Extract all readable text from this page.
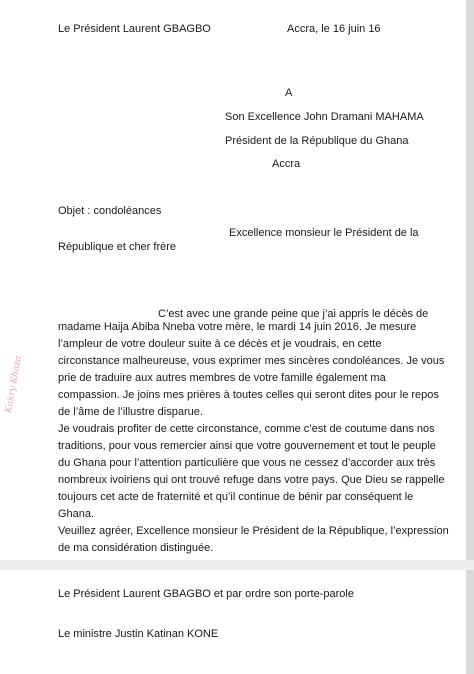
Le Président Laurent GBAGBO	Accra, le 16 juin 16
A
Son Excellence John Dramani MAHAMA
Président de la République du Ghana
Accra
Objet : condoléances
Excellence monsieur le Président de la
République et cher frère
C’est avec une grande peine que j’ai appris le décès de
madame Haija Abiba Nneba votre mère, le mardi 14 juin 2016. Je mesure
l’ampleur de votre douleur suite à ce décès et je voudrais, en cette
circonstance malheureuse, vous exprimer mes sincères condoléances. Je vous
prie de traduire aux autres membres de votre famille également ma
compassion. Je joins mes prières à toutes celles qui seront dites pour le repos
de l’âme de l’illustre disparue.
Je voudrais profiter de cette circonstance, comme c’est de coutume dans nos
traditions, pour vous remercier ainsi que votre gouvernement et tout le peuple
du Ghana pour l’attention particulière que vous ne cessez d’accorder aux très
nombreux ivoiriens qui ont trouvé refuge dans votre pays. Que Dieu se rappelle
toujours cet acte de fraternité et qu’il continue de bénir par conséquent le
Ghana.
Veuillez agréer, Excellence monsieur le Président de la République, l’expression
de ma considération distinguée.
Le Président Laurent GBAGBO et par ordre son porte-parole
Le ministre Justin Katinan KONE
Kakry Khaza
